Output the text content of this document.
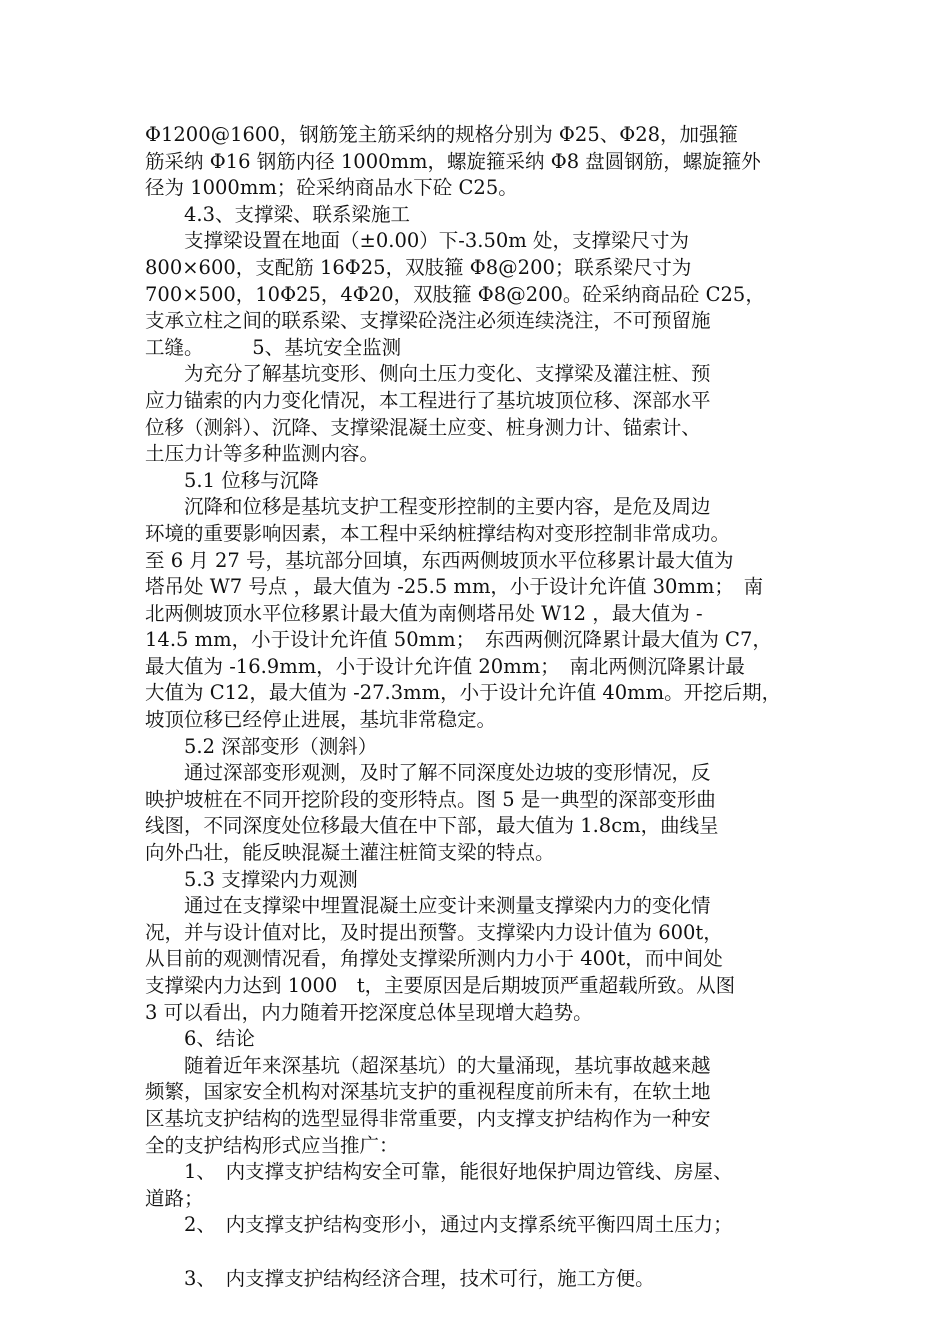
Φ1200@1600，钢筋笼主筋采纳的规格分别为 Φ25、Φ28，加强箍
筋采纳 Φ16 钢筋内径 1000mm，螺旋箍采纳 Φ8 盘圆钢筋，螺旋箍外
径为 1000mm；砼采纳商品水下砼 C25。
　　4.3、支撑梁、联系梁施工
　　支撑梁设置在地面（±0.00）下-3.50m 处，支撑梁尺寸为
800×600，支配筋 16Φ25，双肢箍 Φ8@200；联系梁尺寸为
700×500，10Φ25，4Φ20，双肢箍 Φ8@200。砼采纳商品砼 C25，
支承立柱之间的联系梁、支撑梁砼浇注必须连续浇注，不可预留施
工缝。　　　5、基坑安全监测
　　为充分了解基坑变形、侧向土压力变化、支撑梁及灌注桩、预
应力锚索的内力变化情况，本工程进行了基坑坡顶位移、深部水平
位移（测斜）、沉降、支撑梁混凝土应变、桩身测力计、锚索计、
土压力计等多种监测内容。
　　5.1 位移与沉降
　　沉降和位移是基坑支护工程变形控制的主要内容，是危及周边
环境的重要影响因素，本工程中采纳桩撑结构对变形控制非常成功。
至 6 月 27 号，基坑部分回填，东西两侧坡顶水平位移累计最大值为
塔吊处 W7 号点 ，最大值为 -25.5 mm，小于设计允许值 30mm；　南
北两侧坡顶水平位移累计最大值为南侧塔吊处 W12 ，最大值为 -
14.5 mm，小于设计允许值 50mm；　东西两侧沉降累计最大值为 C7，
最大值为 -16.9mm，小于设计允许值 20mm；　南北两侧沉降累计最
大值为 C12，最大值为 -27.3mm，小于设计允许值 40mm。开挖后期，
坡顶位移已经停止进展，基坑非常稳定。
　　5.2 深部变形（测斜）
　　通过深部变形观测，及时了解不同深度处边坡的变形情况，反
映护坡桩在不同开挖阶段的变形特点。图 5 是一典型的深部变形曲
线图，不同深度处位移最大值在中下部，最大值为 1.8cm，曲线呈
向外凸壮，能反映混凝土灌注桩简支梁的特点。
　　5.3 支撑梁内力观测
　　通过在支撑梁中埋置混凝土应变计来测量支撑梁内力的变化情
况，并与设计值对比，及时提出预警。支撑梁内力设计值为 600t，
从目前的观测情况看，角撑处支撑梁所测内力小于 400t，而中间处
支撑梁内力达到 1000　t，主要原因是后期坡顶严重超载所致。从图
3 可以看出，内力随着开挖深度总体呈现增大趋势。
　　6、结论
　　随着近年来深基坑（超深基坑）的大量涌现，基坑事故越来越
频繁，国家安全机构对深基坑支护的重视程度前所未有，在软土地
区基坑支护结构的选型显得非常重要，内支撑支护结构作为一种安
全的支护结构形式应当推广：
　　1、　内支撑支护结构安全可靠，能很好地保护周边管线、房屋、
道路；
　　2、　内支撑支护结构变形小，通过内支撑系统平衡四周土压力；
　　3、　内支撑支护结构经济合理，技术可行，施工方便。
